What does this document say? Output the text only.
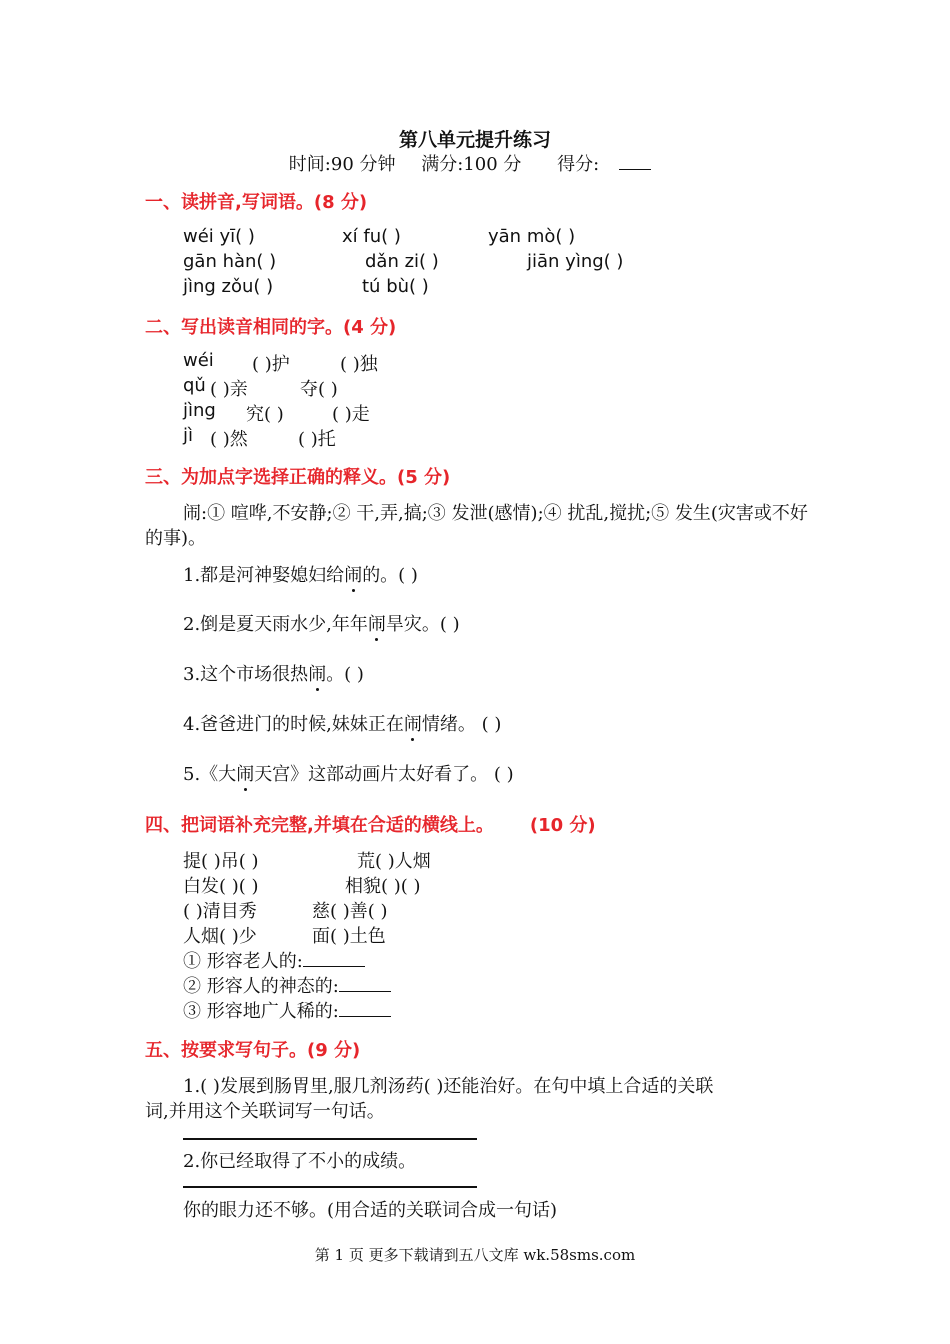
第八单元提升练习
时间:90 分钟 满分:100 分 得分:
一、读拼音,写词语。(8 分)
wéi yī( )	xí fu( )	yān mò( )
gān hàn( )	dǎn zi( )	jiān yìng( )
jìng zǒu( )	tú bù( )
二、写出读音相同的字。(4 分)
wéi ( )护	( )独
qǔ ( )亲	夺( )
jìng 究( )	( )走
jì ( )然	( )托
三、为加点字选择正确的释义。(5 分)
闹:① 喧哗,不安静;② 干,弄,搞;③ 发泄(感情);④ 扰乱,搅扰;⑤ 发生(灾害或不好
的事)。
1.都是河神娶媳妇给闹的。( )
2.倒是夏天雨水少,年年闹旱灾。( )
3.这个市场很热闹。( )
4.爸爸进门的时候,妹妹正在闹情绪。 ( )
5.《大闹天宫》这部动画片太好看了。 ( )
四、把词语补充完整,并填在合适的横线上。 (10 分)
提( )吊( )	荒( )人烟
白发( )( )	相貌( )( )
( )清目秀	慈( )善( )
人烟( )少	面( )土色
① 形容老人的:
② 形容人的神态的:
③ 形容地广人稀的:
五、按要求写句子。(9 分)
1.( )发展到肠胃里,服几剂汤药( )还能治好。在句中填上合适的关联
词,并用这个关联词写一句话。
2.你已经取得了不小的成绩。
你的眼力还不够。(用合适的关联词合成一句话)
第 1 页 更多下载请到五八文库 wk.58sms.com
